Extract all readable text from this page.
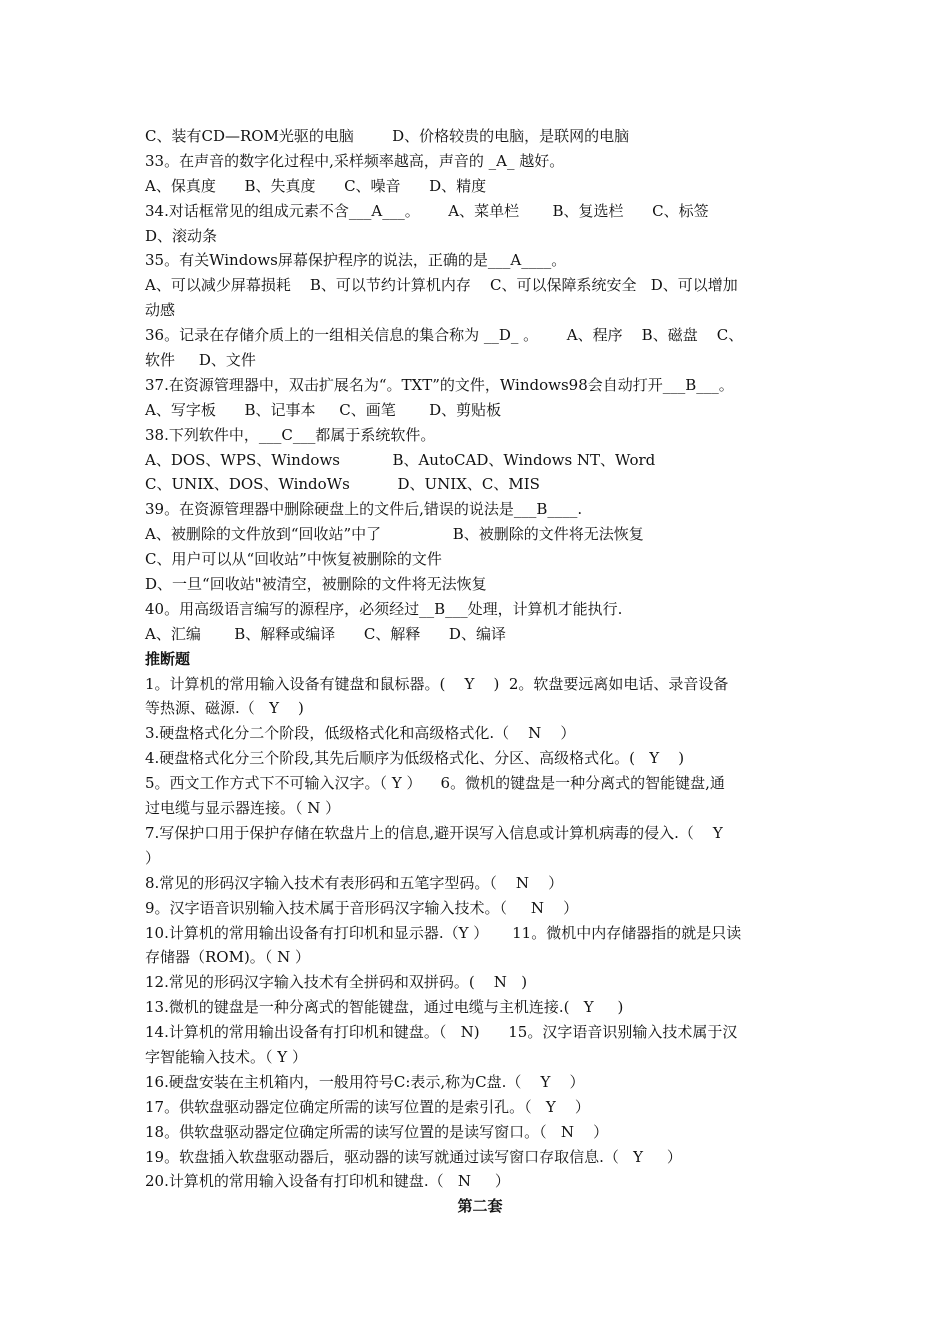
C、装有CD—ROM光驱的电脑        D、价格较贵的电脑，是联网的电脑
33。在声音的数字化过程中,采样频率越高，声音的 _A_ 越好。
A、保真度      B、失真度      C、噪音      D、精度
34.对话框常见的组成元素不含___A___。      A、菜单栏       B、复选栏      C、标签
D、滚动条
35。有关Windows屏幕保护程序的说法，正确的是___A____。
A、可以减少屏幕损耗    B、可以节约计算机内存    C、可以保障系统安全   D、可以增加
动感
36。记录在存储介质上的一组相关信息的集合称为 __D_ 。      A、程序    B、磁盘    C、
软件     D、文件
37.在资源管理器中，双击扩展名为“。TXT”的文件，Windows98会自动打开___B___。
A、写字板      B、记事本     C、画笔       D、剪贴板
38.下列软件中，___C___都属于系统软件。
A、DOS、WPS、Windows           B、AutoCAD、Windows NT、Word
C、UNIX、DOS、WindoWs          D、UNIX、C、MIS
39。在资源管理器中删除硬盘上的文件后,错误的说法是___B____.
A、被删除的文件放到“回收站”中了               B、被删除的文件将无法恢复
C、用户可以从“回收站”中恢复被删除的文件
D、一旦“回收站"被清空，被删除的文件将无法恢复
40。用高级语言编写的源程序，必须经过__B___处理，计算机才能执行.
A、汇编       B、解释或编译      C、解释      D、编译
推断题
1。计算机的常用输入设备有键盘和鼠标器。(    Y    )  2。软盘要远离如电话、录音设备
等热源、磁源.（   Y    )
3.硬盘格式化分二个阶段，低级格式化和高级格式化.（    N    ）
4.硬盘格式化分三个阶段,其先后顺序为低级格式化、分区、高级格式化。(   Y    )
5。西文工作方式下不可输入汉字。（ Y ）    6。微机的键盘是一种分离式的智能键盘,通
过电缆与显示器连接。（ N ）
7.写保护口用于保护存储在软盘片上的信息,避开误写入信息或计算机病毒的侵入.（    Y
）
8.常见的形码汉字输入技术有表形码和五笔字型码。（    N    ）
9。汉字语音识别输入技术属于音形码汉字输入技术。（     N    ）
10.计算机的常用输出设备有打印机和显示器.（Y ）     11。微机中内存储器指的就是只读
存储器（ROM)。（ N ）
12.常见的形码汉字输入技术有全拼码和双拼码。(    N   )
13.微机的键盘是一种分离式的智能键盘，通过电缆与主机连接.(   Y     )
14.计算机的常用输出设备有打印机和键盘。（   N)      15。汉字语音识别输入技术属于汉
字智能输入技术。（ Y ）
16.硬盘安装在主机箱内，一般用符号C:表示,称为C盘.（    Y    ）
17。供软盘驱动器定位确定所需的读写位置的是索引孔。（   Y    ）
18。供软盘驱动器定位确定所需的读写位置的是读写窗口。（   N    ）
19。软盘插入软盘驱动器后，驱动器的读写就通过读写窗口存取信息.（   Y     ）
20.计算机的常用输入设备有打印机和键盘.（   N     ）
第二套
